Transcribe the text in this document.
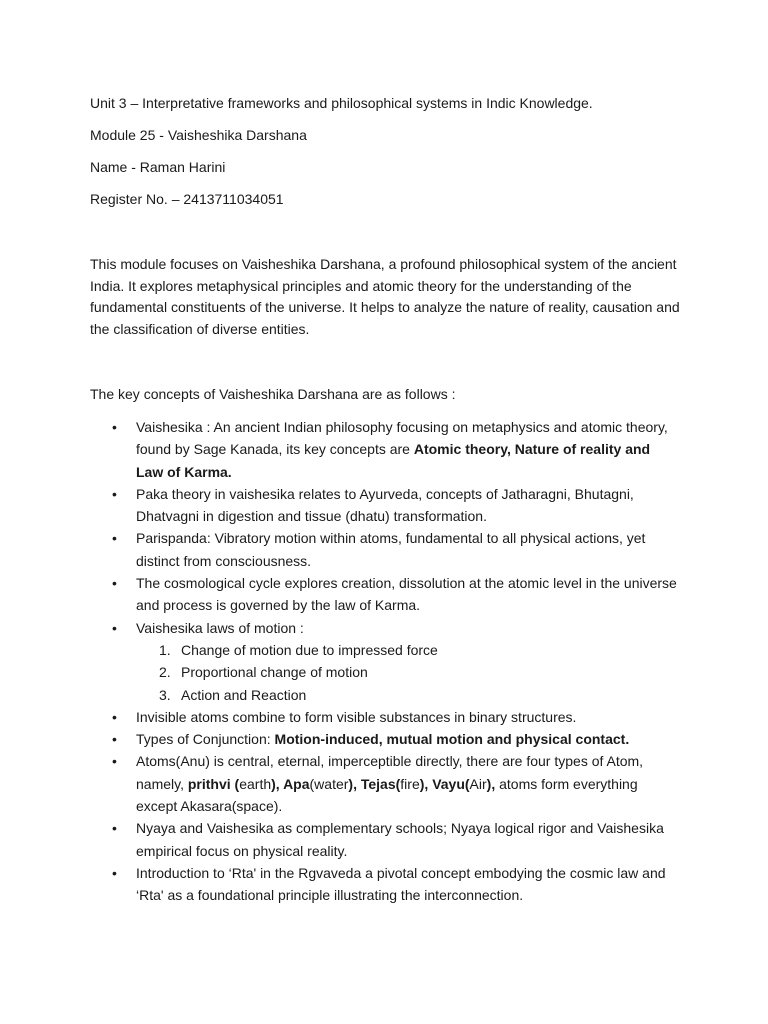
Unit 3 – Interpretative frameworks and philosophical systems in Indic Knowledge.
Module 25 - Vaisheshika Darshana
Name - Raman Harini
Register No. – 2413711034051

This module focuses on Vaisheshika Darshana, a profound philosophical system of the ancient India. It explores metaphysical principles and atomic theory for the understanding of the fundamental constituents of the universe. It helps to analyze the nature of reality, causation and the classification of diverse entities.

The key concepts of Vaisheshika Darshana are as follows :

• Vaishesika : An ancient Indian philosophy focusing on metaphysics and atomic theory, found by Sage Kanada, its key concepts are Atomic theory, Nature of reality and Law of Karma.
• Paka theory in vaishesika relates to Ayurveda, concepts of Jatharagni, Bhutagni, Dhatvagni in digestion and tissue (dhatu) transformation.
• Parispanda: Vibratory motion within atoms, fundamental to all physical actions, yet distinct from consciousness.
• The cosmological cycle explores creation, dissolution at the atomic level in the universe and process is governed by the law of Karma.
• Vaishesika laws of motion :
1. Change of motion due to impressed force
2. Proportional change of motion
3. Action and Reaction
• Invisible atoms combine to form visible substances in binary structures.
• Types of Conjunction: Motion-induced, mutual motion and physical contact.
• Atoms(Anu) is central, eternal, imperceptible directly, there are four types of Atom, namely, prithvi (earth), Apa(water), Tejas(fire), Vayu(Air), atoms form everything except Akasara(space).
• Nyaya and Vaishesika as complementary schools; Nyaya logical rigor and Vaishesika empirical focus on physical reality.
• Introduction to ‘Rta' in the Rgvaveda a pivotal concept embodying the cosmic law and ‘Rta' as a foundational principle illustrating the interconnection.
